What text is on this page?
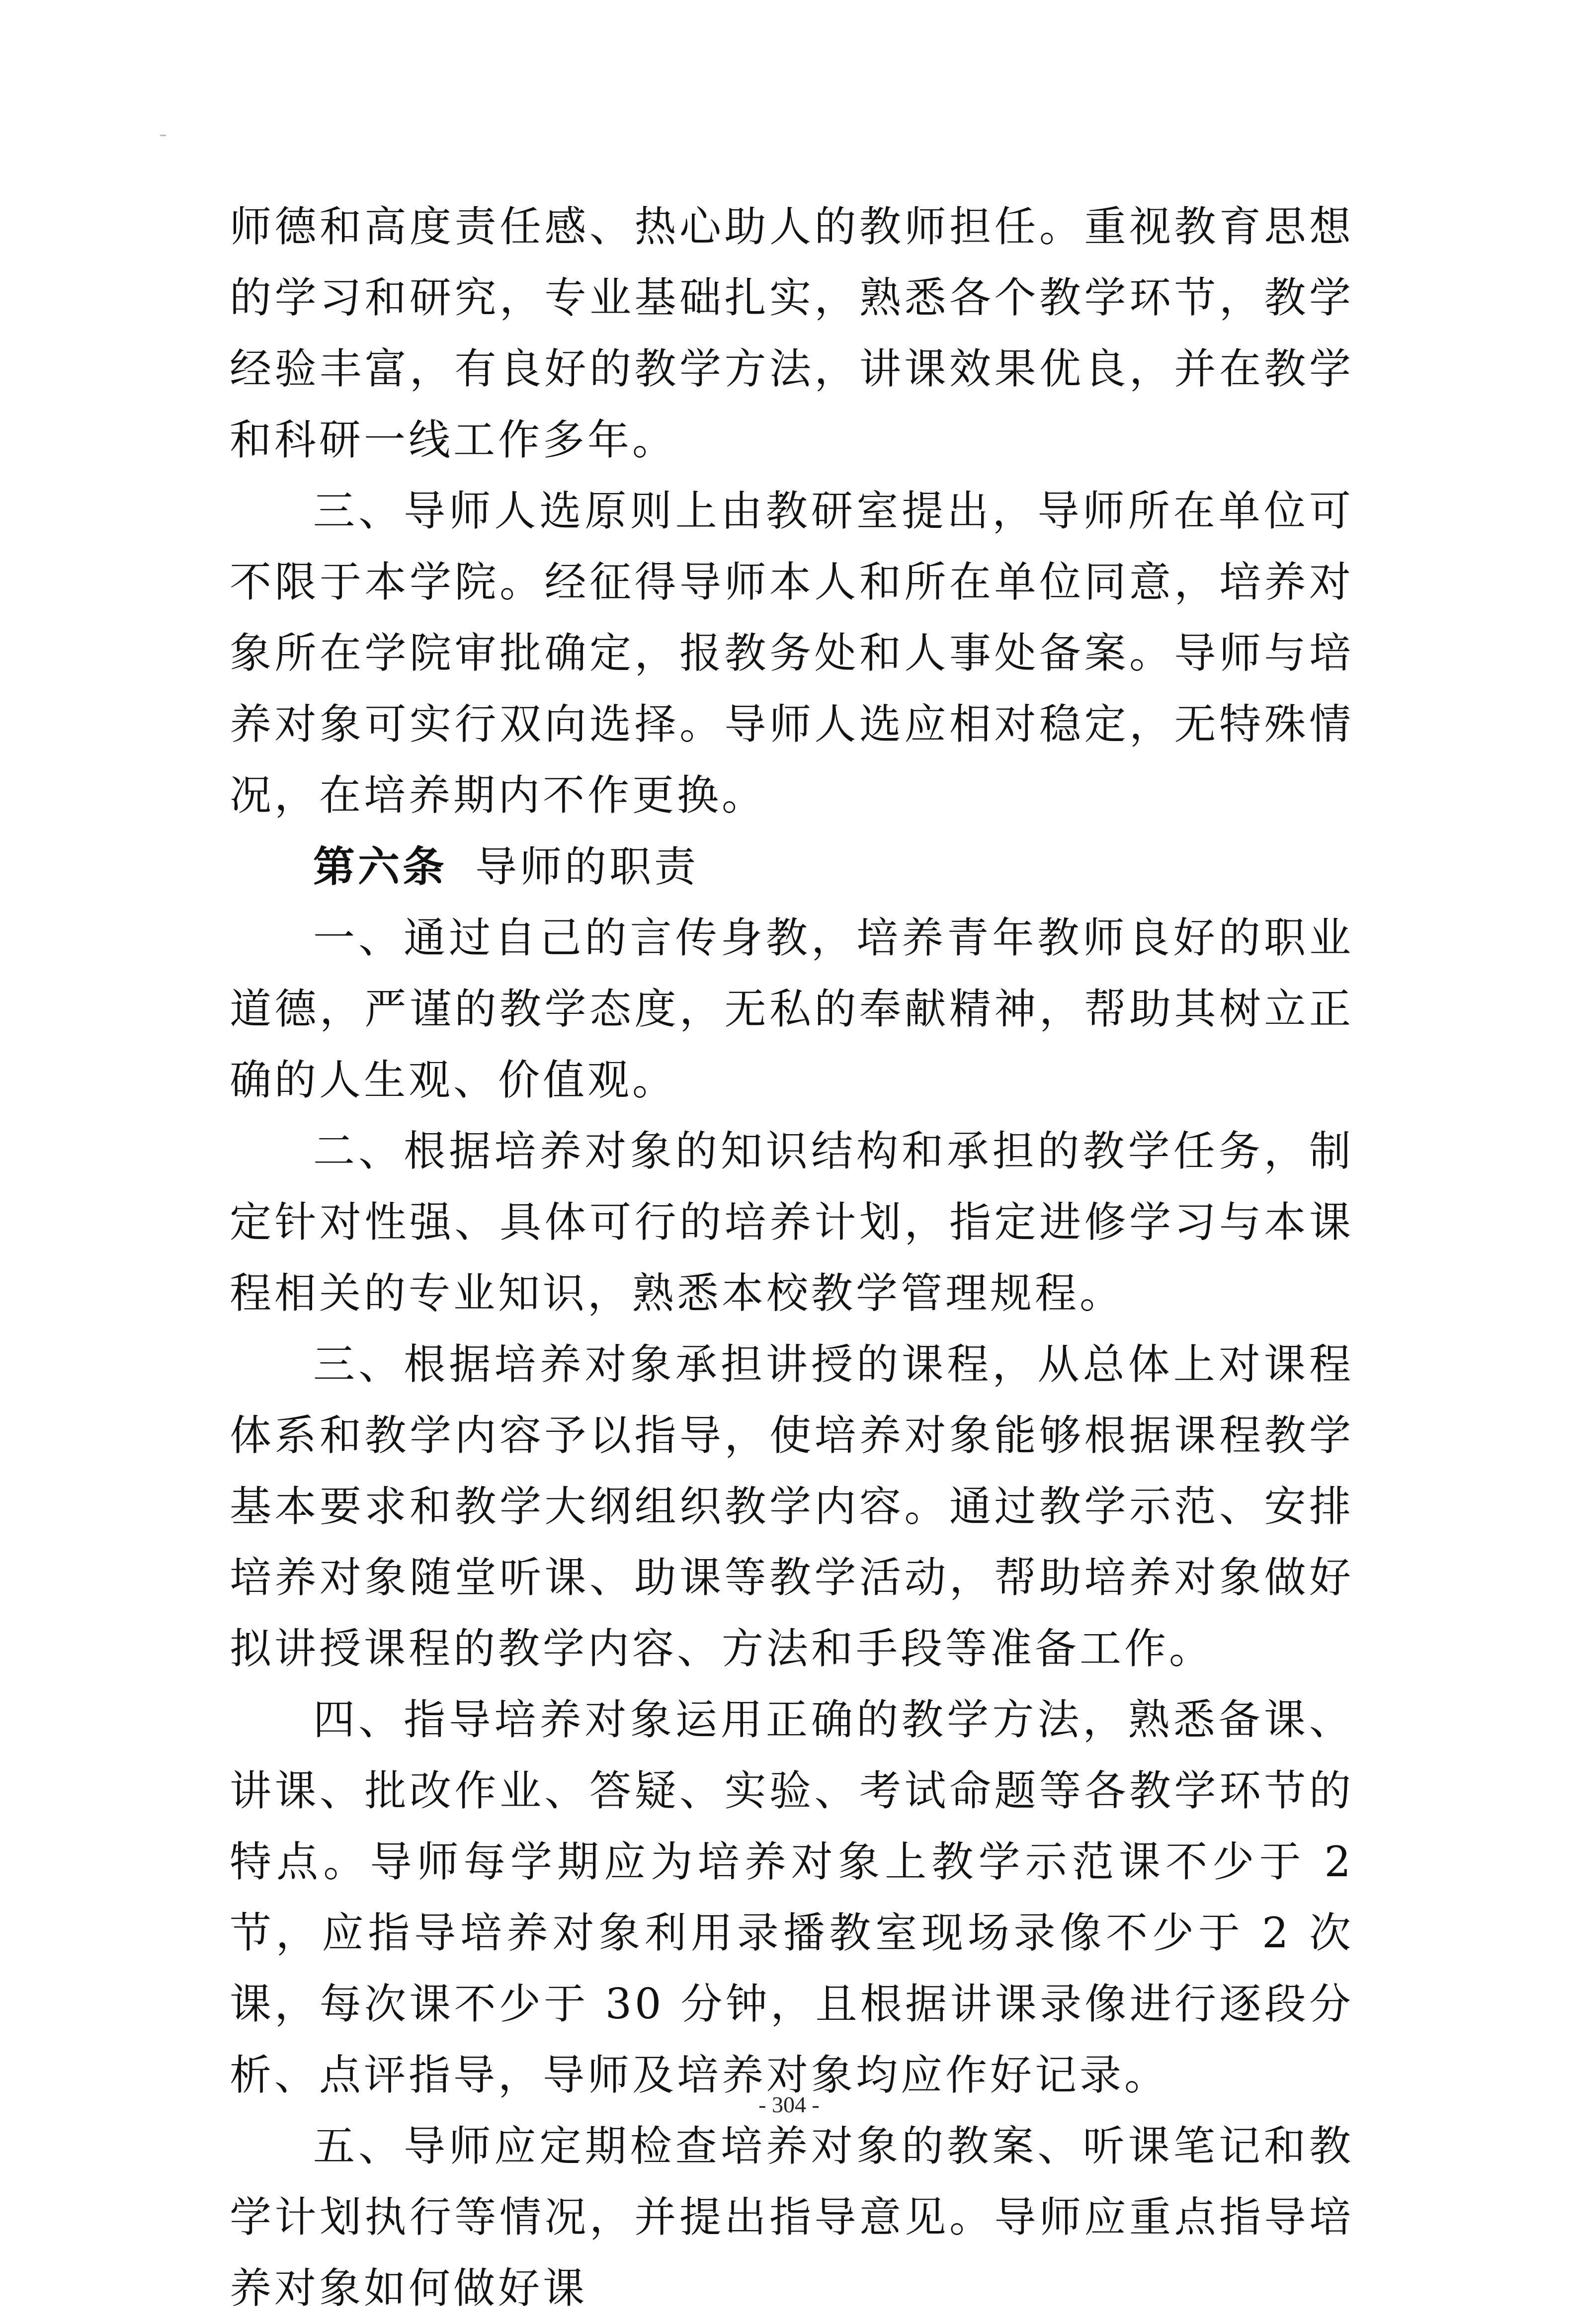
师德和高度责任感、热心助人的教师担任。重视教育思想的学习和研究，专业基础扎实，熟悉各个教学环节，教学经验丰富，有良好的教学方法，讲课效果优良，并在教学和科研一线工作多年。

三、导师人选原则上由教研室提出，导师所在单位可不限于本学院。经征得导师本人和所在单位同意，培养对象所在学院审批确定，报教务处和人事处备案。导师与培养对象可实行双向选择。导师人选应相对稳定，无特殊情况，在培养期内不作更换。

第六条 导师的职责

一、通过自己的言传身教，培养青年教师良好的职业道德，严谨的教学态度，无私的奉献精神，帮助其树立正确的人生观、价值观。

二、根据培养对象的知识结构和承担的教学任务，制定针对性强、具体可行的培养计划，指定进修学习与本课程相关的专业知识，熟悉本校教学管理规程。

三、根据培养对象承担讲授的课程，从总体上对课程体系和教学内容予以指导，使培养对象能够根据课程教学基本要求和教学大纲组织教学内容。通过教学示范、安排培养对象随堂听课、助课等教学活动，帮助培养对象做好拟讲授课程的教学内容、方法和手段等准备工作。

四、指导培养对象运用正确的教学方法，熟悉备课、讲课、批改作业、答疑、实验、考试命题等各教学环节的特点。导师每学期应为培养对象上教学示范课不少于 2 节，应指导培养对象利用录播教室现场录像不少于 2 次课，每次课不少于 30 分钟，且根据讲课录像进行逐段分析、点评指导，导师及培养对象均应作好记录。

五、导师应定期检查培养对象的教案、听课笔记和教学计划执行等情况，并提出指导意见。导师应重点指导培养对象如何做好课

- 304 -
